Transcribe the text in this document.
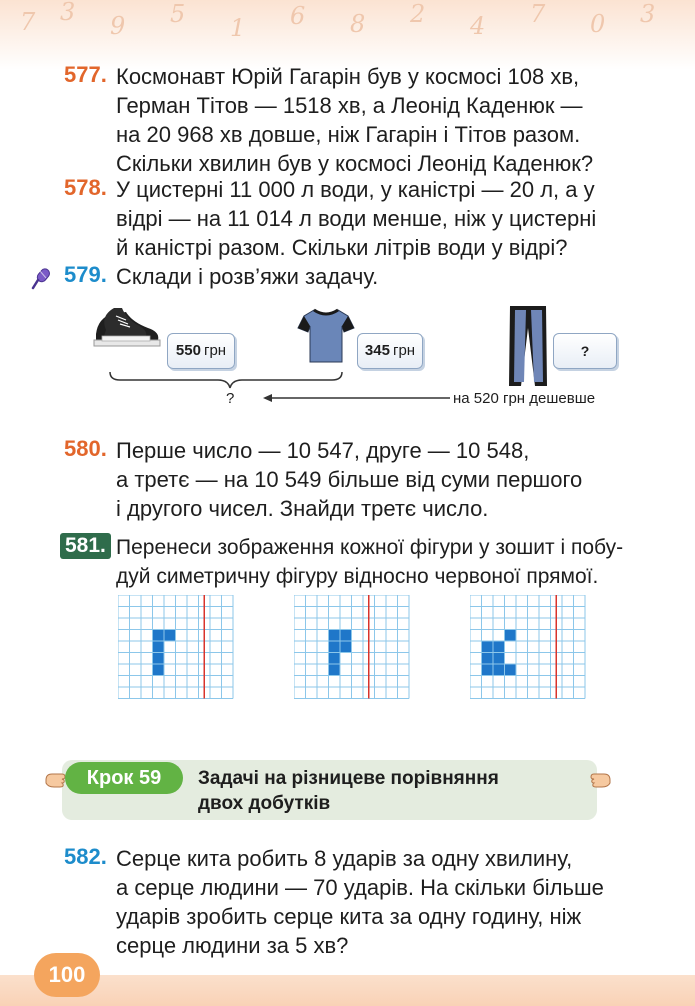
7 3 9 5 1 6 8 2 4 7 0 3
577. Космонавт Юрій Гагарін був у космосі 108 хв,
Герман Тітов — 1518 хв, а Леонід Каденюк —
на 20 968 хв довше, ніж Гагарін і Тітов разом.
Скільки хвилин був у космосі Леонід Каденюк?
578. У цистерні 11 000 л води, у каністрі — 20 л, а у
відрі — на 11 014 л води менше, ніж у цистерні
й каністрі разом. Скільки літрів води у відрі?
579. Склади і розв’яжи задачу.
550  грн	345  грн	?
?	на 520 грн дешевше
580. Перше число — 10 547, друге — 10 548,
а третє — на 10 549 більше від суми першого
і другого чисел. Знайди третє число.
581. Перенеси зображення кожної фігури у зошит і побу-
дуй симетричну фігуру відносно червоної прямої.
Крок 59	Задачі на різницеве порівняння
двох добутків
582. Серце кита робить 8 ударів за одну хвилину,
а серце людини — 70 ударів. На скільки більше
ударів зробить серце кита за одну годину, ніж
серце людини за 5 хв?
100
